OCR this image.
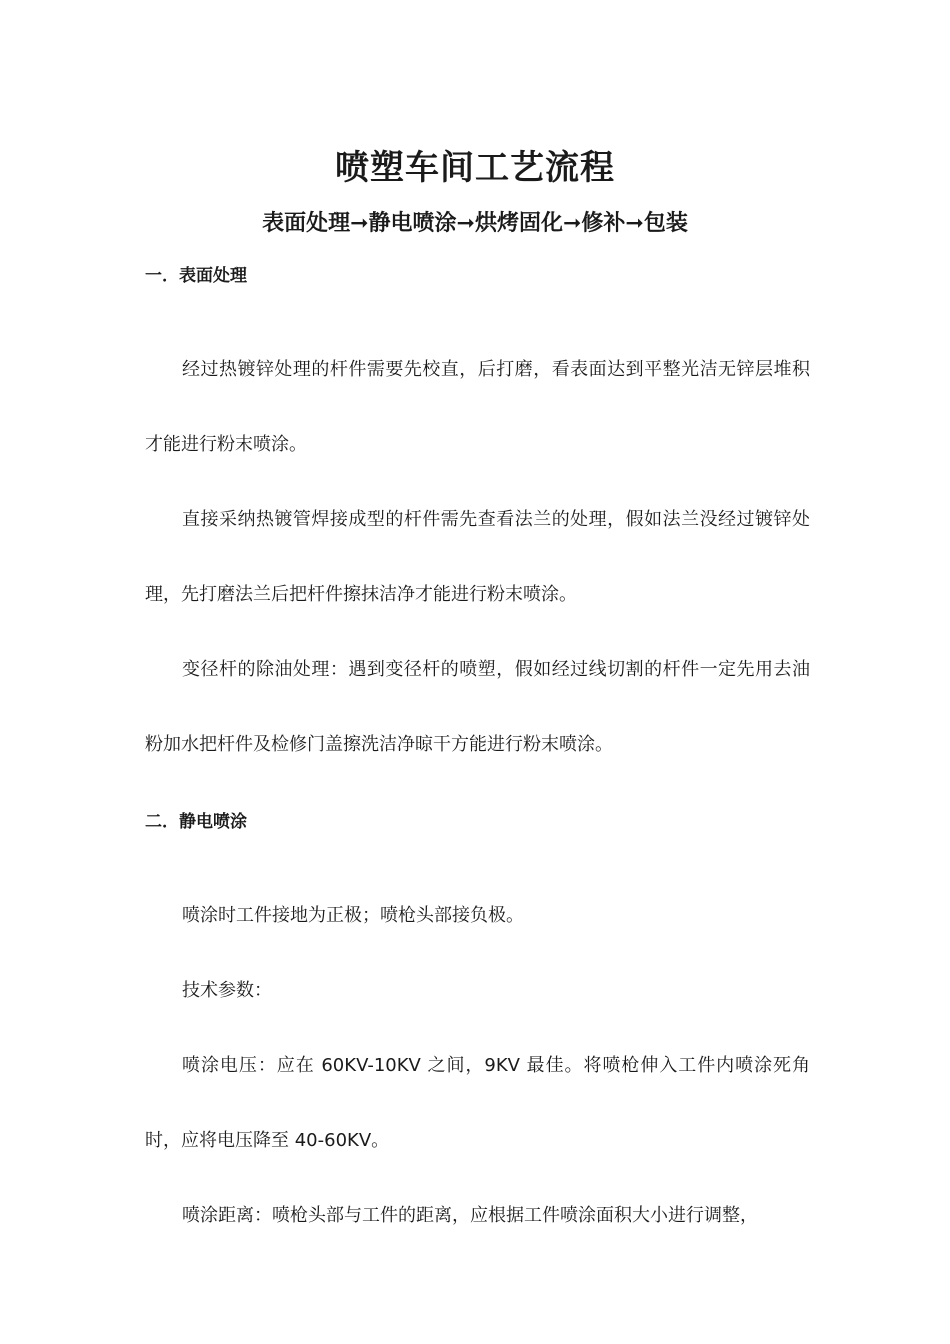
喷塑车间工艺流程
表面处理➞静电喷涂➞烘烤固化➞修补➞包装

一．表面处理

经过热镀锌处理的杆件需要先校直，后打磨，看表面达到平整光洁无锌层堆积才能进行粉末喷涂。

直接采纳热镀管焊接成型的杆件需先查看法兰的处理，假如法兰没经过镀锌处理，先打磨法兰后把杆件擦抹洁净才能进行粉末喷涂。

变径杆的除油处理：遇到变径杆的喷塑，假如经过线切割的杆件一定先用去油粉加水把杆件及检修门盖擦洗洁净晾干方能进行粉末喷涂。

二．静电喷涂

喷涂时工件接地为正极；喷枪头部接负极。

技术参数：

喷涂电压：应在 60KV-10KV 之间，9KV 最佳。将喷枪伸入工件内喷涂死角时，应将电压降至 40-60KV。

喷涂距离：喷枪头部与工件的距离，应根据工件喷涂面积大小进行调整，
